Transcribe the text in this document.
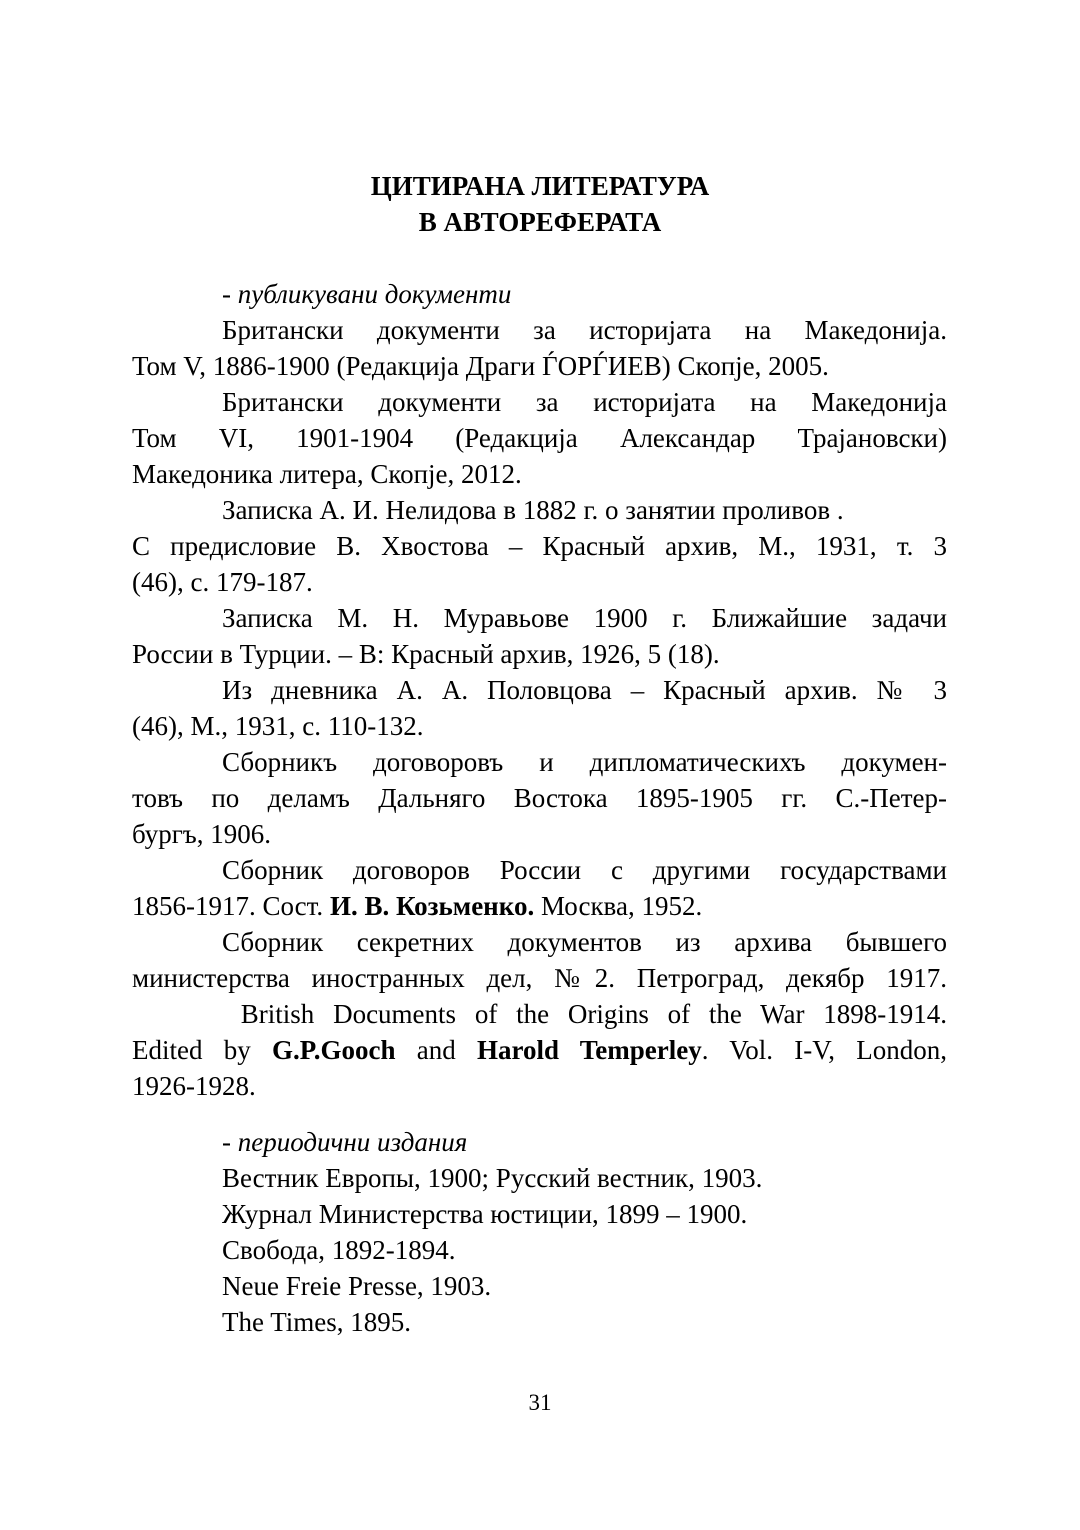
ЦИТИРАНА ЛИТЕРАТУРА
В АВТОРЕФЕРАТА

- публикувани документи

Британски документи за историјата на Македонија.

Том V, 1886-1900 (Редакција Драги ЃОРЃИЕВ) Скопје, 2005.

Британски документи за историјата на Македонија

Том VI, 1901-1904 (Редакција Александар Трајановски)

Македоника литера, Скопје, 2012.

Записка А. И. Нелидова в 1882 г. о занятии проливов .

С предисловие В. Хвостова – Красный архив, М., 1931, т. 3

(46), с. 179-187.

Записка М. Н. Муравьове 1900 г. Ближайшие задачи

России в Турции. – В: Красный архив, 1926, 5 (18).

Из дневника А. А. Половцова – Красный архив. № 3

(46), М., 1931, с. 110-132.

Сборникъ договоровъ и дипломатическихъ докумен-

товъ по деламъ Дальняго Востока 1895-1905 гг. С.-Петер-

бургъ, 1906.

Сборник договоров России с другими государствами

1856-1917. Сост. И. В. Козьменко. Москва, 1952.

Сборник секретних документов из архива бывшего

министерства иностранных дел, №2. Петроград, декябр 1917.

British Documents of the Origins of the War 1898-1914.

Edited by G.P.Gooch and Harold Temperley. Vol. I-V, London,

1926-1928.

- периодични издания

Вестник Европы, 1900; Русский вестник, 1903.

Журнал Министерства юстиции, 1899 – 1900.

Свобода, 1892-1894.

Neue Freie Presse, 1903.

The Times, 1895.

31
